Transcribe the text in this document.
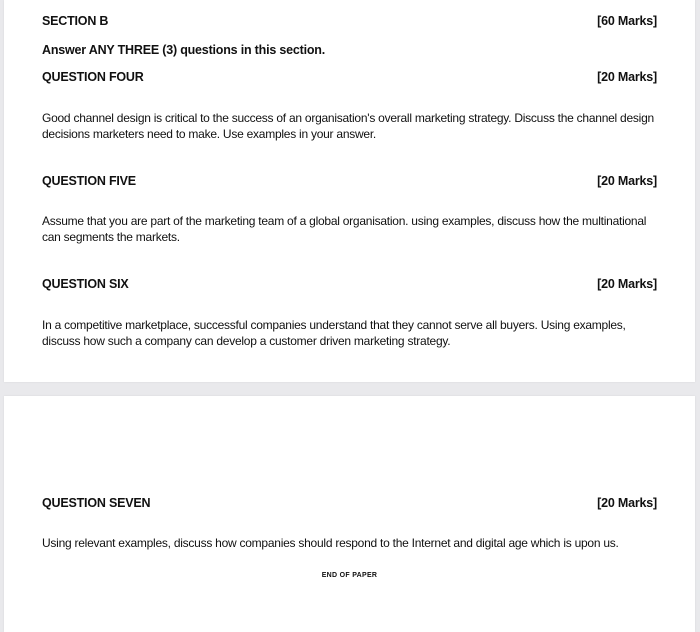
SECTION B	[60 Marks]
Answer ANY THREE (3) questions in this section.
QUESTION FOUR	[20 Marks]
Good channel design is critical to the success of an organisation's overall marketing strategy. Discuss the channel design decisions marketers need to make. Use examples in your answer.
QUESTION FIVE	[20 Marks]
Assume that you are part of the marketing team of a global organisation. using examples, discuss how the multinational can segments the markets.
QUESTION SIX	[20 Marks]
In a competitive marketplace, successful companies understand that they cannot serve all buyers. Using examples, discuss how such a company can develop a customer driven marketing strategy.
QUESTION SEVEN	[20 Marks]
Using relevant examples, discuss how companies should respond to the Internet and digital age which is upon us.
END OF PAPER
